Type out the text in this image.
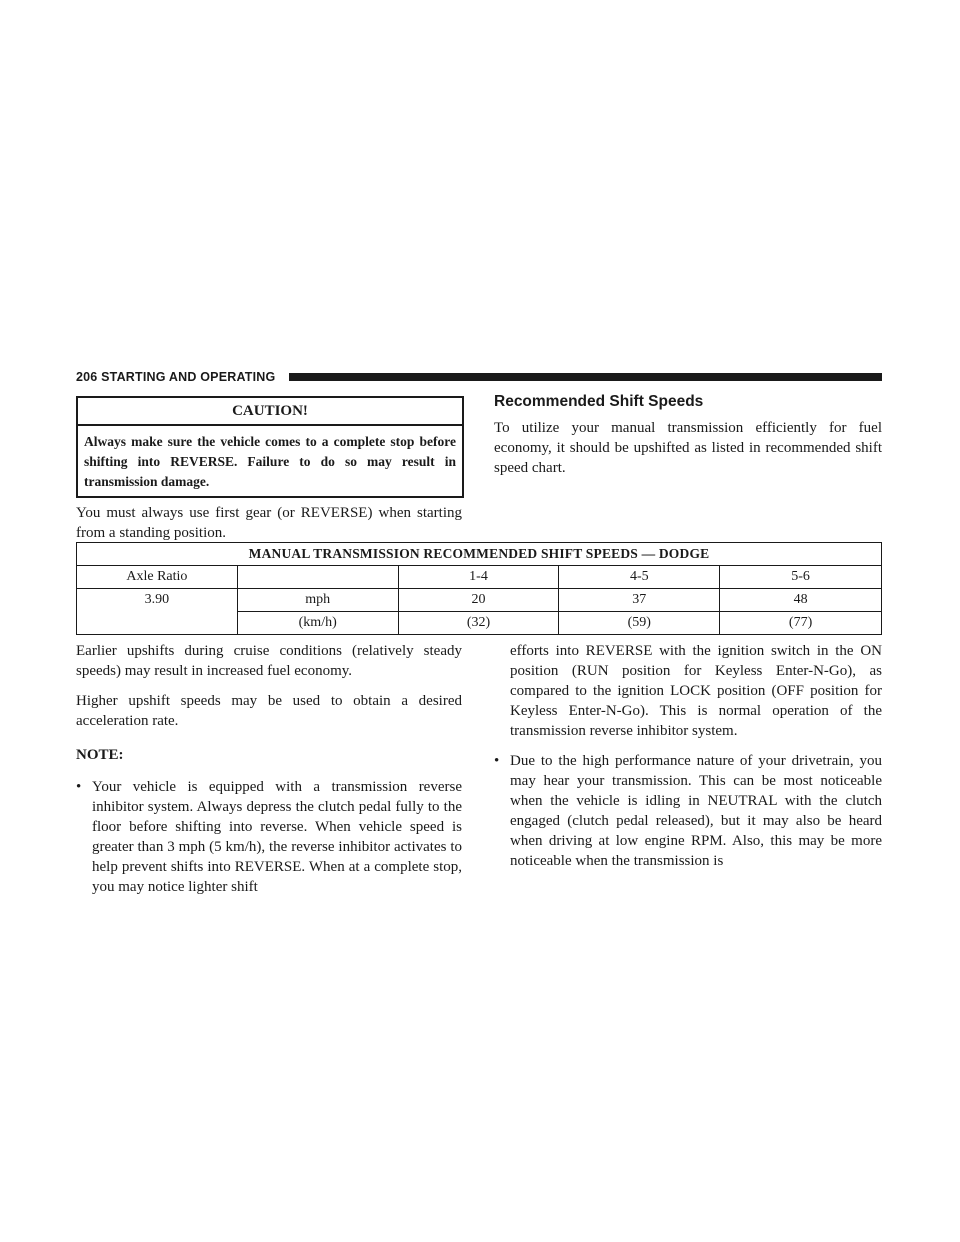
206 STARTING AND OPERATING
CAUTION!
Always make sure the vehicle comes to a complete stop before shifting into REVERSE. Failure to do so may result in transmission damage.

You must always use first gear (or REVERSE) when starting from a standing position.

Recommended Shift Speeds

To utilize your manual transmission efficiently for fuel economy, it should be upshifted as listed in recommended shift speed chart.

MANUAL TRANSMISSION RECOMMENDED SHIFT SPEEDS — DODGE				
Axle Ratio		1-4	4-5	5-6
3.90	mph	20	37	48
	(km/h)	(32)	(59)	(77)

Earlier upshifts during cruise conditions (relatively steady speeds) may result in increased fuel economy.

Higher upshift speeds may be used to obtain a desired acceleration rate.

NOTE:

• Your vehicle is equipped with a transmission reverse inhibitor system. Always depress the clutch pedal fully to the floor before shifting into reverse. When vehicle speed is greater than 3 mph (5 km/h), the reverse inhibitor activates to help prevent shifts into REVERSE. When at a complete stop, you may notice lighter shift
efforts into REVERSE with the ignition switch in the ON position (RUN position for Keyless Enter-N-Go), as compared to the ignition LOCK position (OFF position for Keyless Enter-N-Go). This is normal operation of the transmission reverse inhibitor system.
• Due to the high performance nature of your drivetrain, you may hear your transmission. This can be most noticeable when the vehicle is idling in NEUTRAL with the clutch engaged (clutch pedal released), but it may also be heard when driving at low engine RPM. Also, this may be more noticeable when the transmission is
